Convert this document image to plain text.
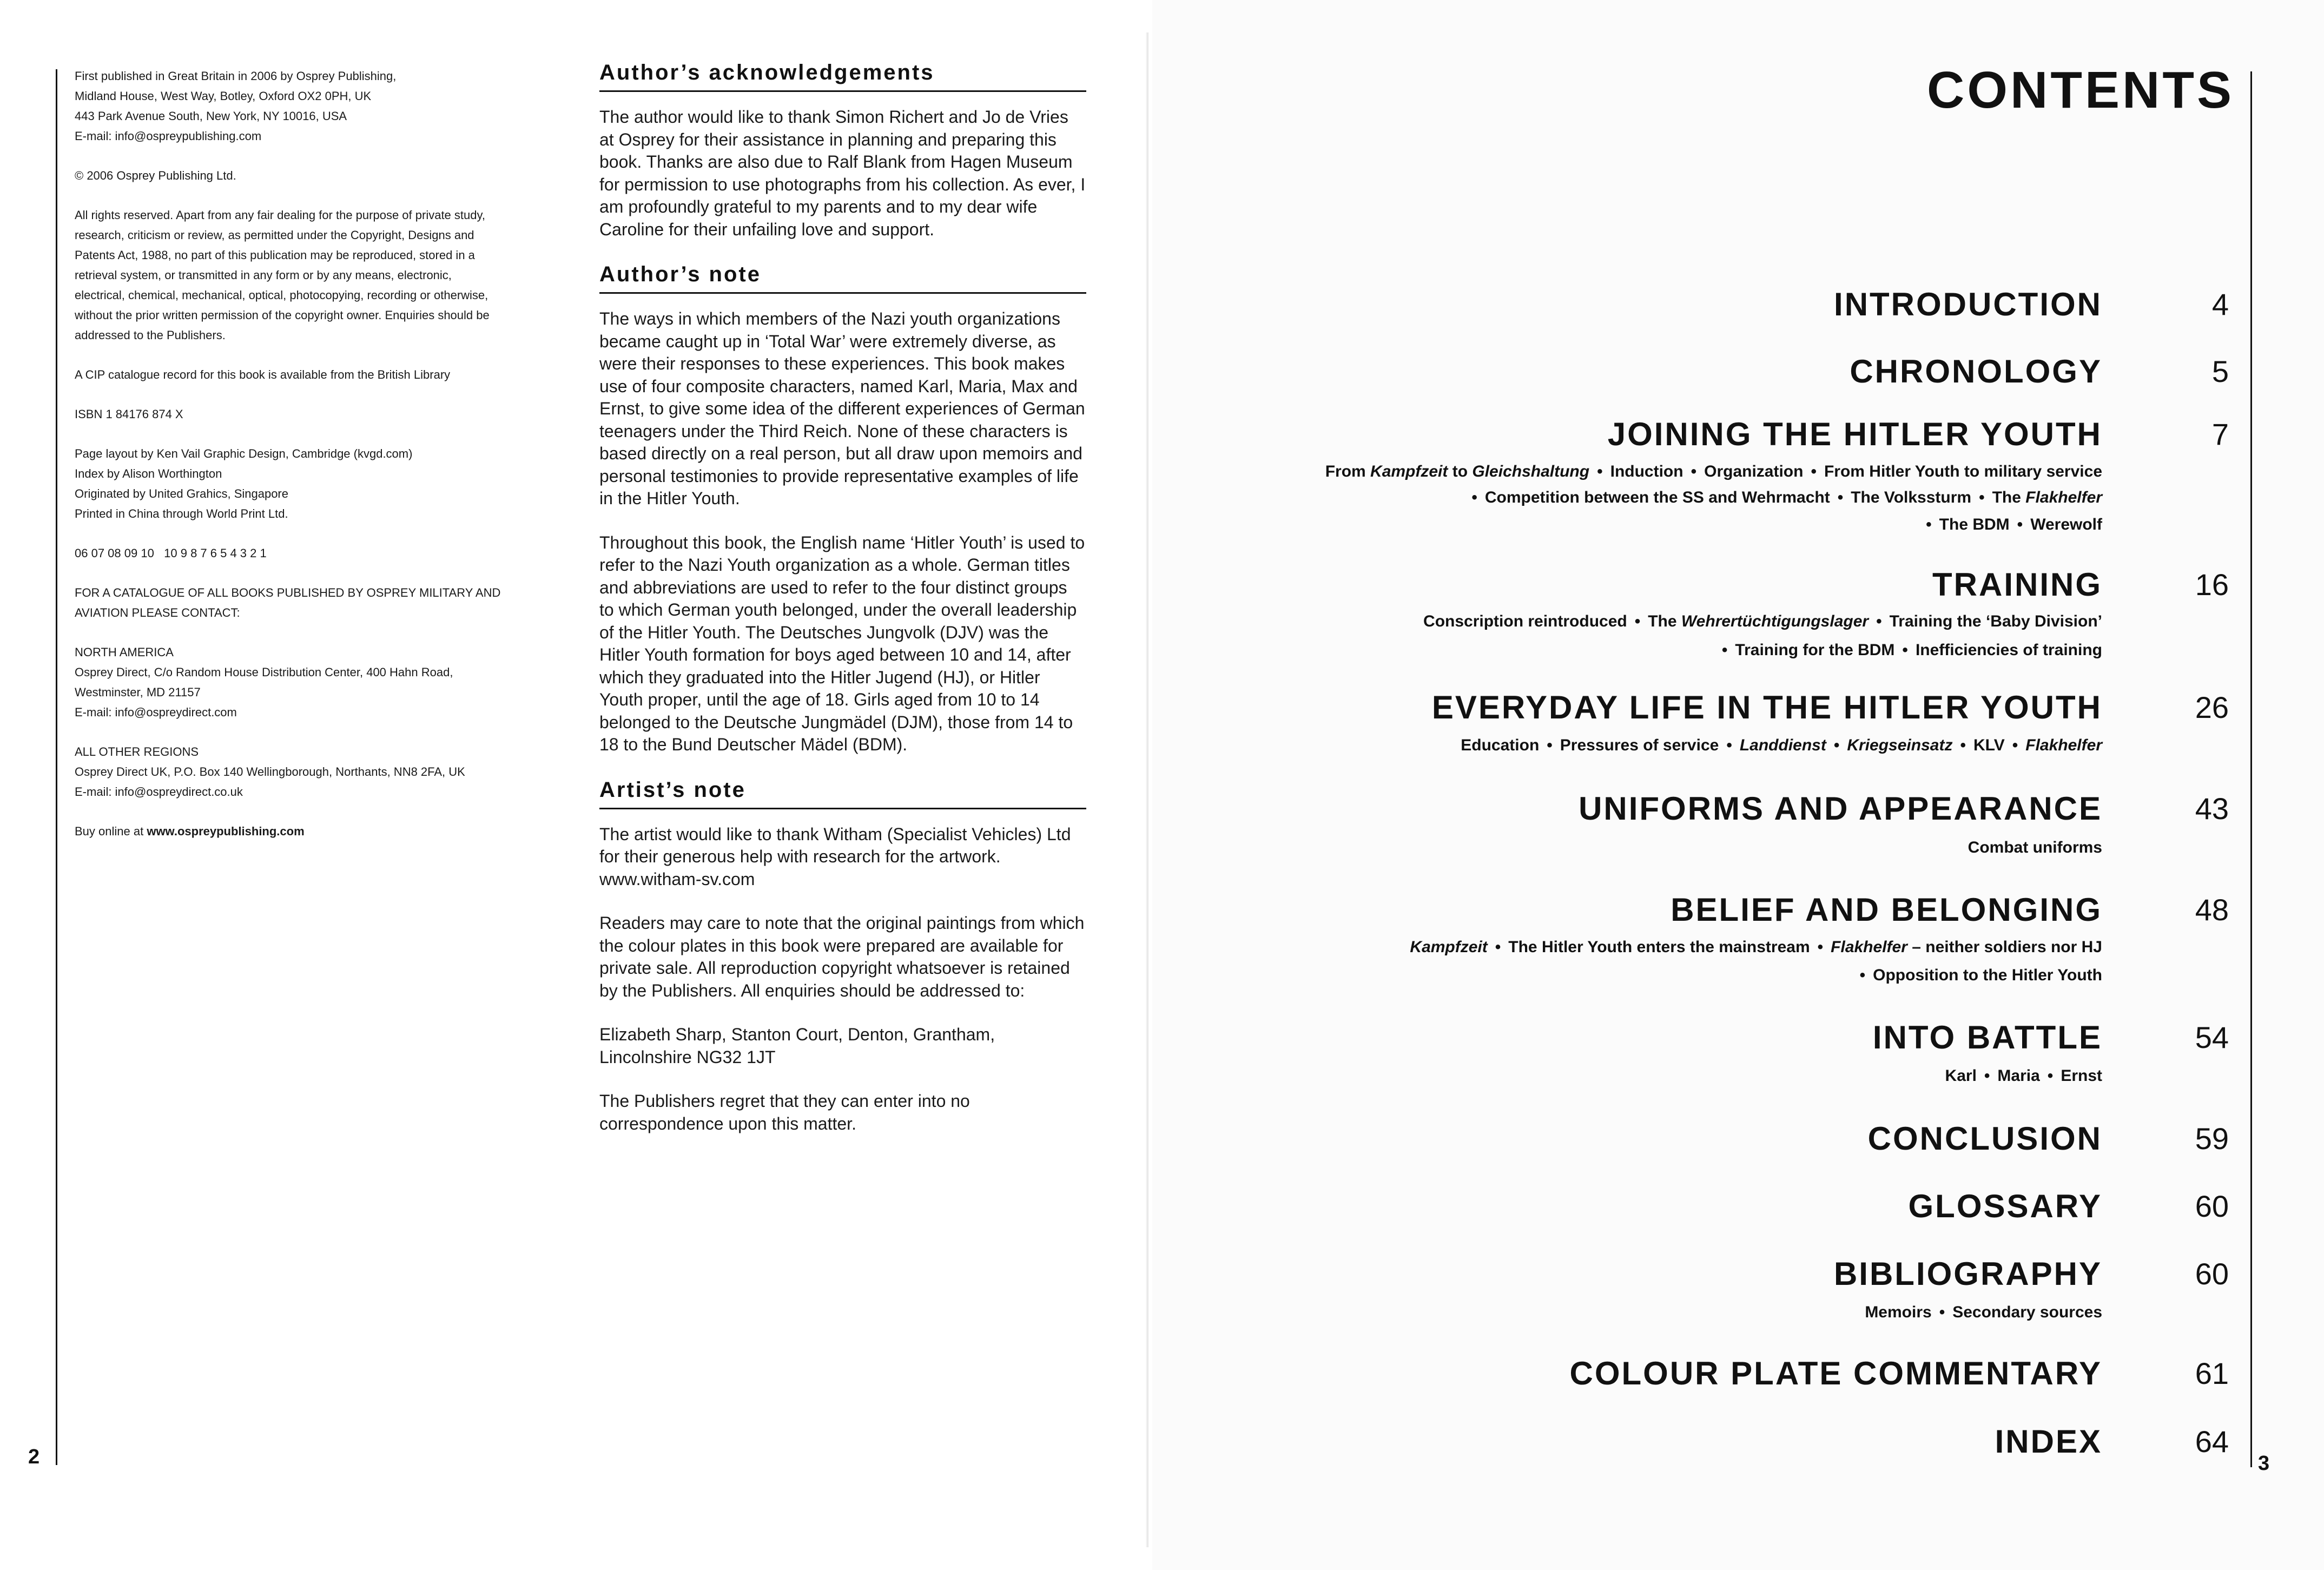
2

First published in Great Britain in 2006 by Osprey Publishing,
Midland House, West Way, Botley, Oxford OX2 0PH, UK
443 Park Avenue South, New York, NY 10016, USA
E-mail: info@ospreypublishing.com

© 2006 Osprey Publishing Ltd.

All rights reserved. Apart from any fair dealing for the purpose of private study,
research, criticism or review, as permitted under the Copyright, Designs and
Patents Act, 1988, no part of this publication may be reproduced, stored in a
retrieval system, or transmitted in any form or by any means, electronic,
electrical, chemical, mechanical, optical, photocopying, recording or otherwise,
without the prior written permission of the copyright owner. Enquiries should be
addressed to the Publishers.

A CIP catalogue record for this book is available from the British Library

ISBN 1 84176 874 X

Page layout by Ken Vail Graphic Design, Cambridge (kvgd.com)
Index by Alison Worthington
Originated by United Grahics, Singapore
Printed in China through World Print Ltd.

06 07 08 09 10   10 9 8 7 6 5 4 3 2 1

FOR A CATALOGUE OF ALL BOOKS PUBLISHED BY OSPREY MILITARY AND
AVIATION PLEASE CONTACT:

NORTH AMERICA
Osprey Direct, C/o Random House Distribution Center, 400 Hahn Road,
Westminster, MD 21157
E-mail: info@ospreydirect.com

ALL OTHER REGIONS
Osprey Direct UK, P.O. Box 140 Wellingborough, Northants, NN8 2FA, UK
E-mail: info@ospreydirect.co.uk

Buy online at www.ospreypublishing.com

Author’s acknowledgements

The author would like to thank Simon Richert and Jo de Vries at Osprey for their assistance in planning and preparing this book. Thanks are also due to Ralf Blank from Hagen Museum for permission to use photographs from his collection. As ever, I am profoundly grateful to my parents and to my dear wife Caroline for their unfailing love and support.

Author’s note

The ways in which members of the Nazi youth organizations became caught up in ‘Total War’ were extremely diverse, as were their responses to these experiences. This book makes use of four composite characters, named Karl, Maria, Max and Ernst, to give some idea of the different experiences of German teenagers under the Third Reich. None of these characters is based directly on a real person, but all draw upon memoirs and personal testimonies to provide representative examples of life in the Hitler Youth.

Throughout this book, the English name ‘Hitler Youth’ is used to refer to the Nazi Youth organization as a whole. German titles and abbreviations are used to refer to the four distinct groups to which German youth belonged, under the overall leadership of the Hitler Youth. The Deutsches Jungvolk (DJV) was the Hitler Youth formation for boys aged between 10 and 14, after which they graduated into the Hitler Jugend (HJ), or Hitler Youth proper, until the age of 18. Girls aged from 10 to 14 belonged to the Deutsche Jungmädel (DJM), those from 14 to 18 to the Bund Deutscher Mädel (BDM).

Artist’s note

The artist would like to thank Witham (Specialist Vehicles) Ltd for their generous help with research for the artwork. www.witham-sv.com

Readers may care to note that the original paintings from which the colour plates in this book were prepared are available for private sale. All reproduction copyright whatsoever is retained by the Publishers. All enquiries should be addressed to:

Elizabeth Sharp, Stanton Court, Denton, Grantham, Lincolnshire NG32 1JT

The Publishers regret that they can enter into no correspondence upon this matter.

3
CONTENTS
INTRODUCTION	4
CHRONOLOGY	5
JOINING THE HITLER YOUTH	7
From Kampfzeit to Gleichshaltung • Induction • Organization • From Hitler Youth to military service
• Competition between the SS and Wehrmacht • The Volkssturm • The Flakhelfer
• The BDM • Werewolf
TRAINING	16
Conscription reintroduced • The Wehrertüchtigungslager • Training the ‘Baby Division’
• Training for the BDM • Inefficiencies of training
EVERYDAY LIFE IN THE HITLER YOUTH	26
Education • Pressures of service • Landdienst • Kriegseinsatz • KLV • Flakhelfer
UNIFORMS AND APPEARANCE	43
Combat uniforms
BELIEF AND BELONGING	48
Kampfzeit • The Hitler Youth enters the mainstream • Flakhelfer – neither soldiers nor HJ
• Opposition to the Hitler Youth
INTO BATTLE	54
Karl • Maria • Ernst
CONCLUSION	59
GLOSSARY	60
BIBLIOGRAPHY	60
Memoirs • Secondary sources
COLOUR PLATE COMMENTARY	61
INDEX	64
